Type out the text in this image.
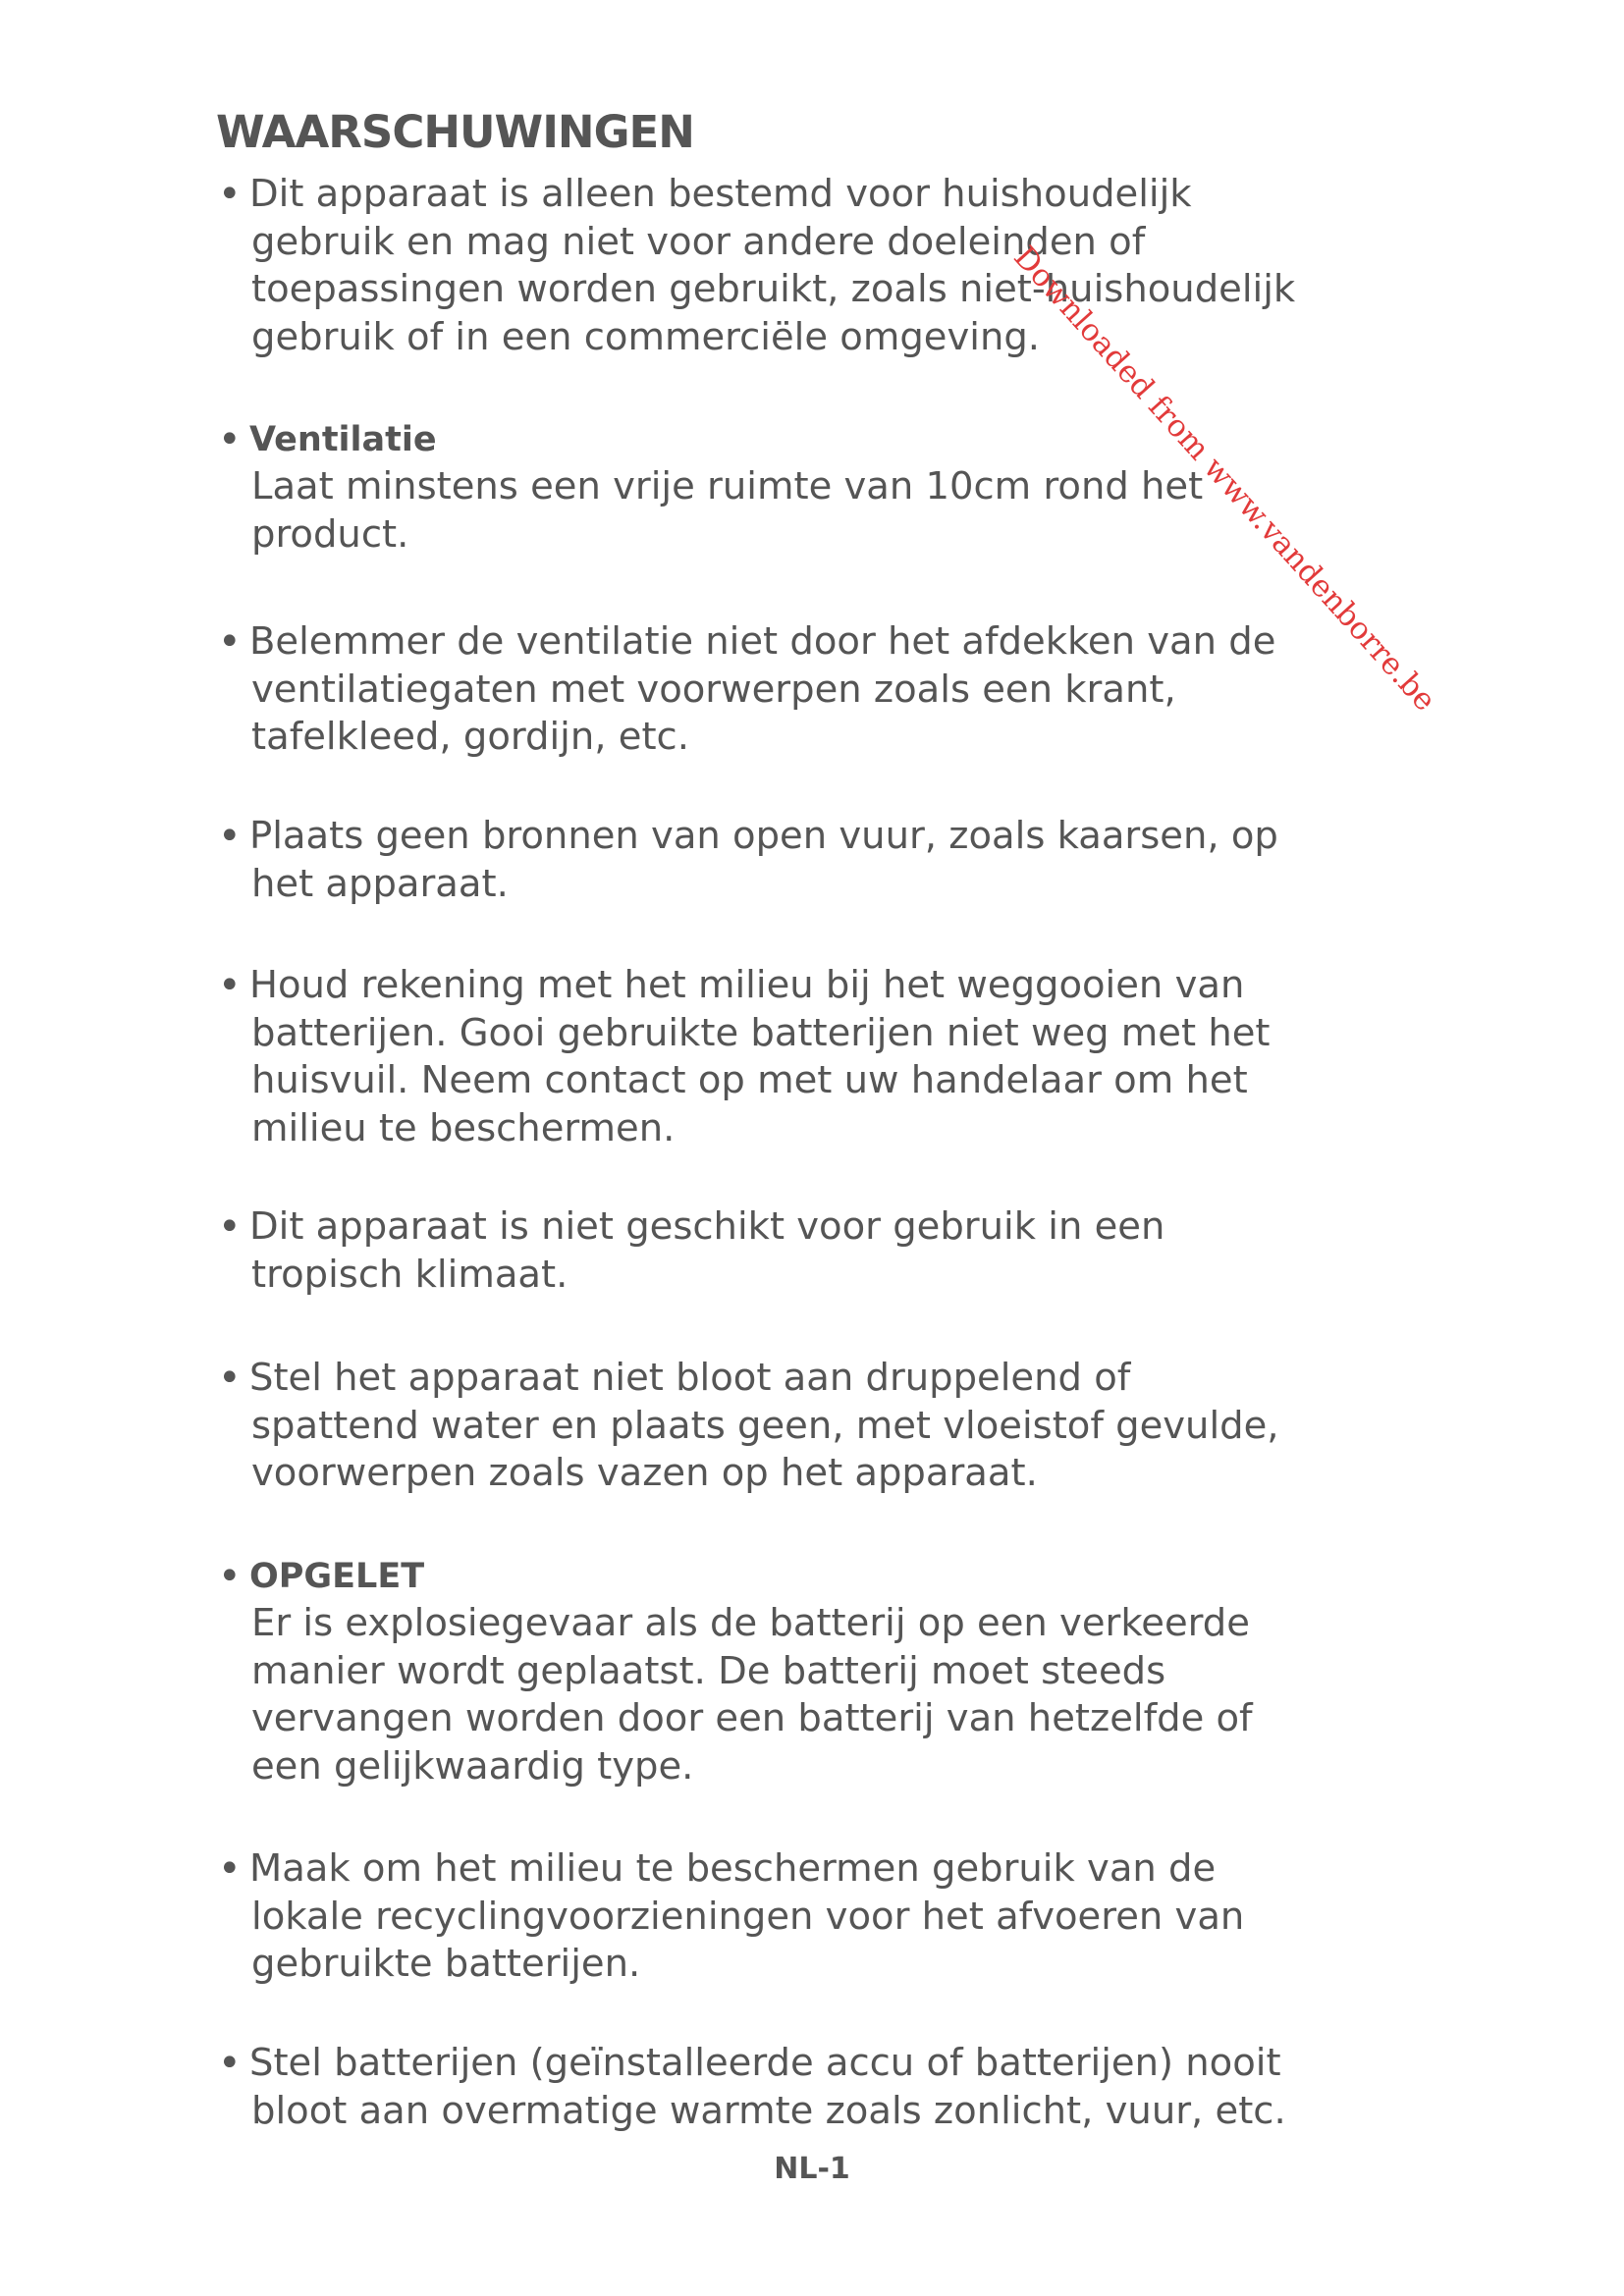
WAARSCHUWINGEN
• Dit apparaat is alleen bestemd voor huishoudelijk
gebruik en mag niet voor andere doeleinden of
toepassingen worden gebruikt, zoals niet-huishoudelijk
gebruik of in een commerciële omgeving.
• Ventilatie
Laat minstens een vrije ruimte van 10cm rond het
product.
• Belemmer de ventilatie niet door het afdekken van de
ventilatiegaten met voorwerpen zoals een krant,
tafelkleed, gordijn, etc.
• Plaats geen bronnen van open vuur, zoals kaarsen, op
het apparaat.
• Houd rekening met het milieu bij het weggooien van
batterijen. Gooi gebruikte batterijen niet weg met het
huisvuil. Neem contact op met uw handelaar om het
milieu te beschermen.
• Dit apparaat is niet geschikt voor gebruik in een
tropisch klimaat.
• Stel het apparaat niet bloot aan druppelend of
spattend water en plaats geen, met vloeistof gevulde,
voorwerpen zoals vazen op het apparaat.
• OPGELET
Er is explosiegevaar als de batterij op een verkeerde
manier wordt geplaatst. De batterij moet steeds
vervangen worden door een batterij van hetzelfde of
een gelijkwaardig type.
• Maak om het milieu te beschermen gebruik van de
lokale recyclingvoorzieningen voor het afvoeren van
gebruikte batterijen.
• Stel batterijen (geïnstalleerde accu of batterijen) nooit
bloot aan overmatige warmte zoals zonlicht, vuur, etc.
Downloaded from www.vandenborre.be
NL-1
